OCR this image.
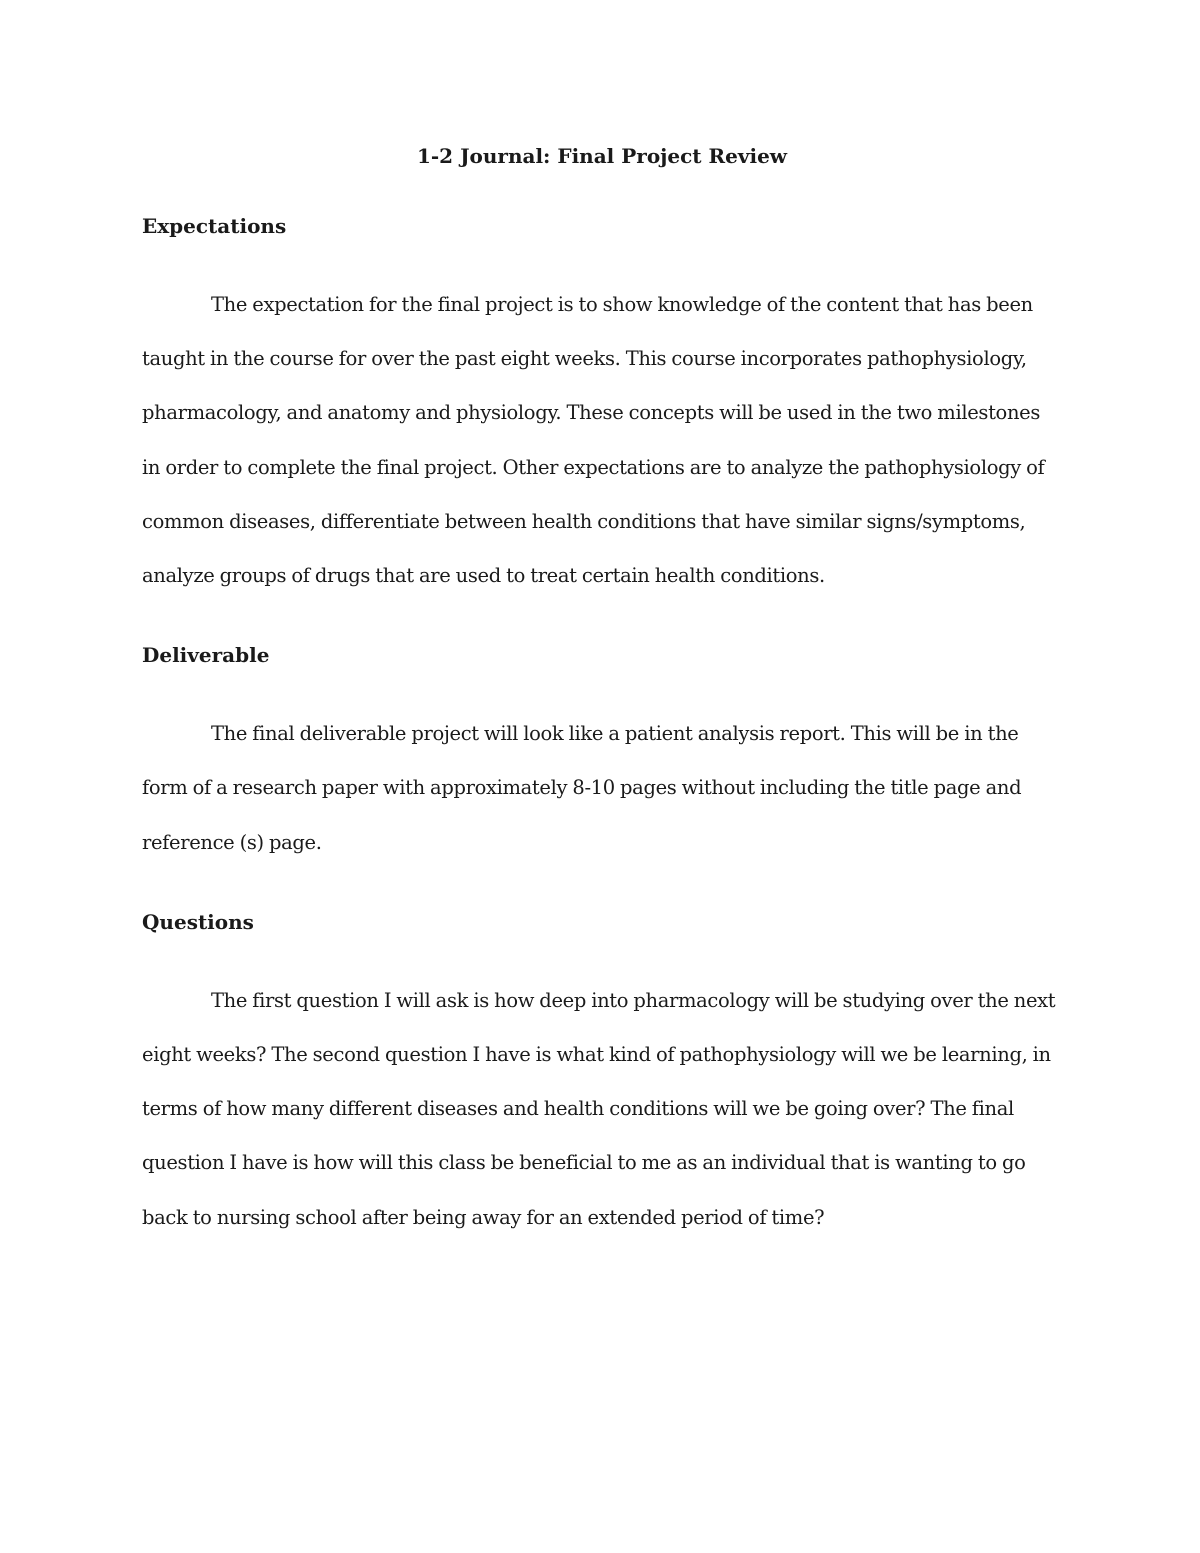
1-2 Journal: Final Project Review
Expectations

The expectation for the final project is to show knowledge of the content that has been
taught in the course for over the past eight weeks. This course incorporates pathophysiology,
pharmacology, and anatomy and physiology. These concepts will be used in the two milestones
in order to complete the final project. Other expectations are to analyze the pathophysiology of
common diseases, differentiate between health conditions that have similar signs/symptoms,
analyze groups of drugs that are used to treat certain health conditions.

Deliverable

The final deliverable project will look like a patient analysis report. This will be in the
form of a research paper with approximately 8-10 pages without including the title page and
reference (s) page.

Questions

The first question I will ask is how deep into pharmacology will be studying over the next
eight weeks? The second question I have is what kind of pathophysiology will we be learning, in
terms of how many different diseases and health conditions will we be going over? The final
question I have is how will this class be beneficial to me as an individual that is wanting to go
back to nursing school after being away for an extended period of time?
